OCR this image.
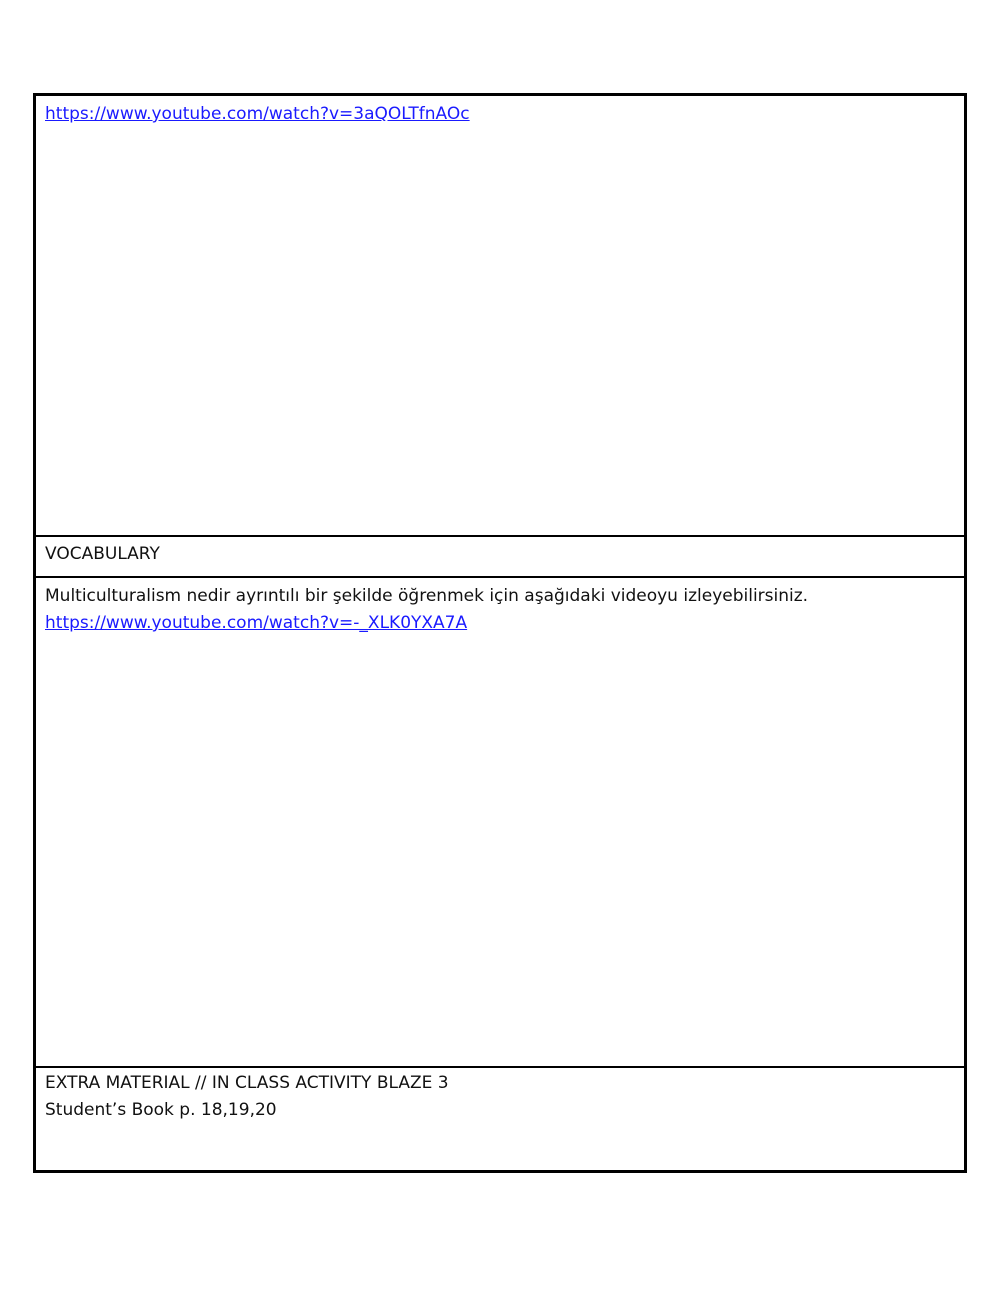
https://www.youtube.com/watch?v=3aQOLTfnAOc
VOCABULARY
Multiculturalism nedir ayrıntılı bir şekilde öğrenmek için aşağıdaki videoyu izleyebilirsiniz.
https://www.youtube.com/watch?v=-_XLK0YXA7A
EXTRA MATERIAL // IN CLASS ACTIVITY BLAZE 3
Student’s Book p. 18,19,20
